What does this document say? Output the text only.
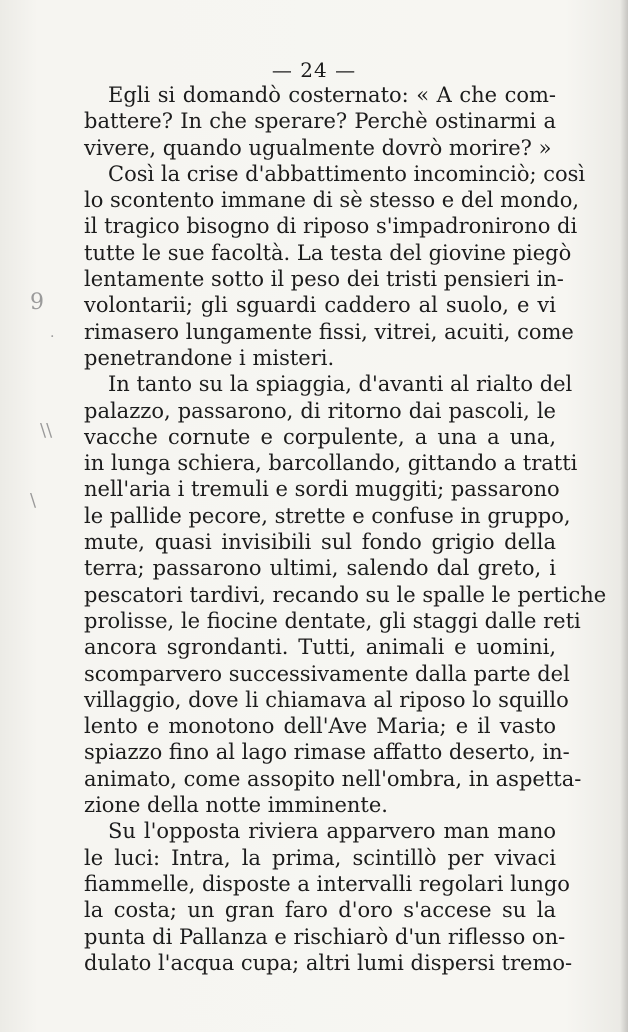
— 24 —
Egli si domandò costernato: « A che com-
battere? In che sperare? Perchè ostinarmi a
vivere, quando ugualmente dovrò morire? »
Così la crise d'abbattimento incominciò; così
lo scontento immane di sè stesso e del mondo,
il tragico bisogno di riposo s'impadronirono di
tutte le sue facoltà. La testa del giovine piegò
lentamente sotto il peso dei tristi pensieri in-
volontarii; gli sguardi caddero al suolo, e vi
rimasero lungamente fissi, vitrei, acuiti, come
penetrandone i misteri.
In tanto su la spiaggia, d'avanti al rialto del
palazzo, passarono, di ritorno dai pascoli, le
vacche cornute e corpulente, a una a una,
in lunga schiera, barcollando, gittando a tratti
nell'aria i tremuli e sordi muggiti; passarono
le pallide pecore, strette e confuse in gruppo,
mute, quasi invisibili sul fondo grigio della
terra; passarono ultimi, salendo dal greto, i
pescatori tardivi, recando su le spalle le pertiche
prolisse, le fiocine dentate, gli staggi dalle reti
ancora sgrondanti. Tutti, animali e uomini,
scomparvero successivamente dalla parte del
villaggio, dove li chiamava al riposo lo squillo
lento e monotono dell'Ave Maria; e il vasto
spiazzo fino al lago rimase affatto deserto, in-
animato, come assopito nell'ombra, in aspetta-
zione della notte imminente.
Su l'opposta riviera apparvero man mano
le luci: Intra, la prima, scintillò per vivaci
fiammelle, disposte a intervalli regolari lungo
la costa; un gran faro d'oro s'accese su la
punta di Pallanza e rischiarò d'un riflesso on-
dulato l'acqua cupa; altri lumi dispersi tremo-
9
.
\\
\
